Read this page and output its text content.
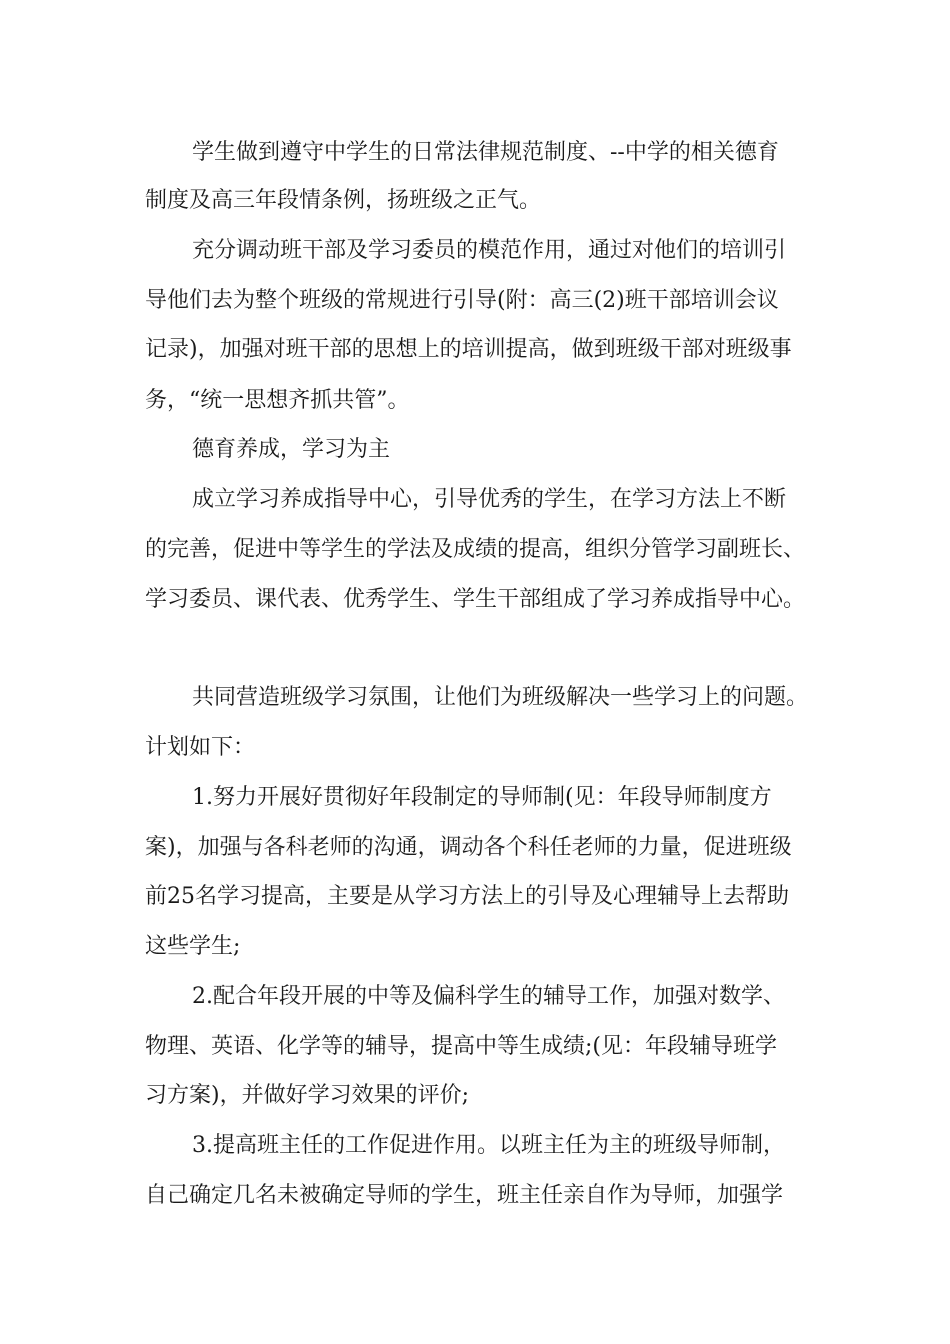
学生做到遵守中学生的日常法律规范制度、--中学的相关德育
制度及高三年段情条例，扬班级之正气。
充分调动班干部及学习委员的模范作用，通过对他们的培训引
导他们去为整个班级的常规进行引导(附：高三(2)班干部培训会议
记录)，加强对班干部的思想上的培训提高，做到班级干部对班级事
务，“统一思想齐抓共管”。
德育养成，学习为主
成立学习养成指导中心，引导优秀的学生，在学习方法上不断
的完善，促进中等学生的学法及成绩的提高，组织分管学习副班长、
学习委员、课代表、优秀学生、学生干部组成了学习养成指导中心。
共同营造班级学习氛围，让他们为班级解决一些学习上的问题。
计划如下：
1.努力开展好贯彻好年段制定的导师制(见：年段导师制度方
案)，加强与各科老师的沟通，调动各个科任老师的力量，促进班级
前25名学习提高，主要是从学习方法上的引导及心理辅导上去帮助
这些学生;
2.配合年段开展的中等及偏科学生的辅导工作，加强对数学、
物理、英语、化学等的辅导，提高中等生成绩;(见：年段辅导班学
习方案)，并做好学习效果的评价;
3.提高班主任的工作促进作用。以班主任为主的班级导师制，
自己确定几名未被确定导师的学生，班主任亲自作为导师，加强学
